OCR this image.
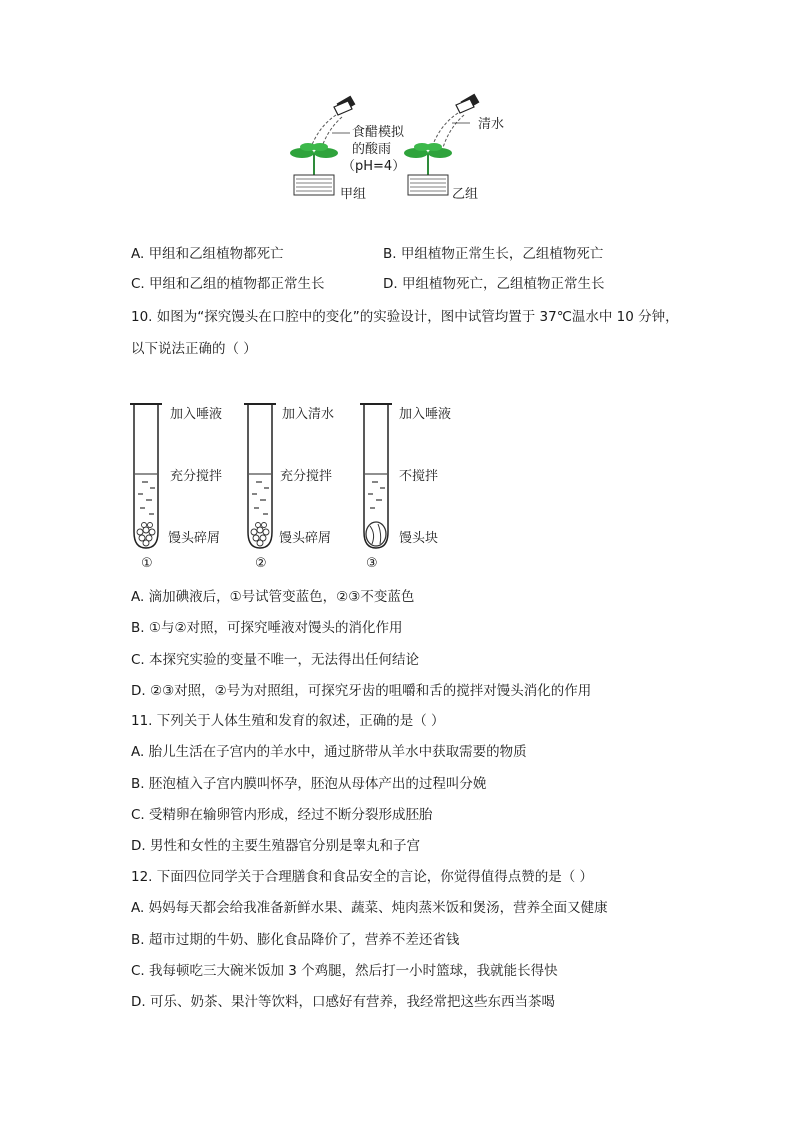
食醋模拟
的酸雨
（pH=4）
清水
甲组	乙组
A. 甲组和乙组植物都死亡	B. 甲组植物正常生长，乙组植物死亡
C. 甲组和乙组的植物都正常生长	D. 甲组植物死亡，乙组植物正常生长
10. 如图为“探究馒头在口腔中的变化”的实验设计，图中试管均置于 37℃温水中 10 分钟，
以下说法正确的（ ）
加入唾液
充分搅拌
馒头碎屑
①
加入清水
充分搅拌
馒头碎屑
②
加入唾液
不搅拌
馒头块
③
A. 滴加碘液后，①号试管变蓝色，②③不变蓝色
B. ①与②对照，可探究唾液对馒头的消化作用
C. 本探究实验的变量不唯一，无法得出任何结论
D. ②③对照，②号为对照组，可探究牙齿的咀嚼和舌的搅拌对馒头消化的作用
11. 下列关于人体生殖和发育的叙述，正确的是（ ）
A. 胎儿生活在子宫内的羊水中，通过脐带从羊水中获取需要的物质
B. 胚泡植入子宫内膜叫怀孕，胚泡从母体产出的过程叫分娩
C. 受精卵在输卵管内形成，经过不断分裂形成胚胎
D. 男性和女性的主要生殖器官分别是睾丸和子宫
12. 下面四位同学关于合理膳食和食品安全的言论，你觉得值得点赞的是（ ）
A. 妈妈每天都会给我准备新鲜水果、蔬菜、炖肉蒸米饭和煲汤，营养全面又健康
B. 超市过期的牛奶、膨化食品降价了，营养不差还省钱
C. 我每顿吃三大碗米饭加 3 个鸡腿，然后打一小时篮球，我就能长得快
D. 可乐、奶茶、果汁等饮料，口感好有营养，我经常把这些东西当茶喝
